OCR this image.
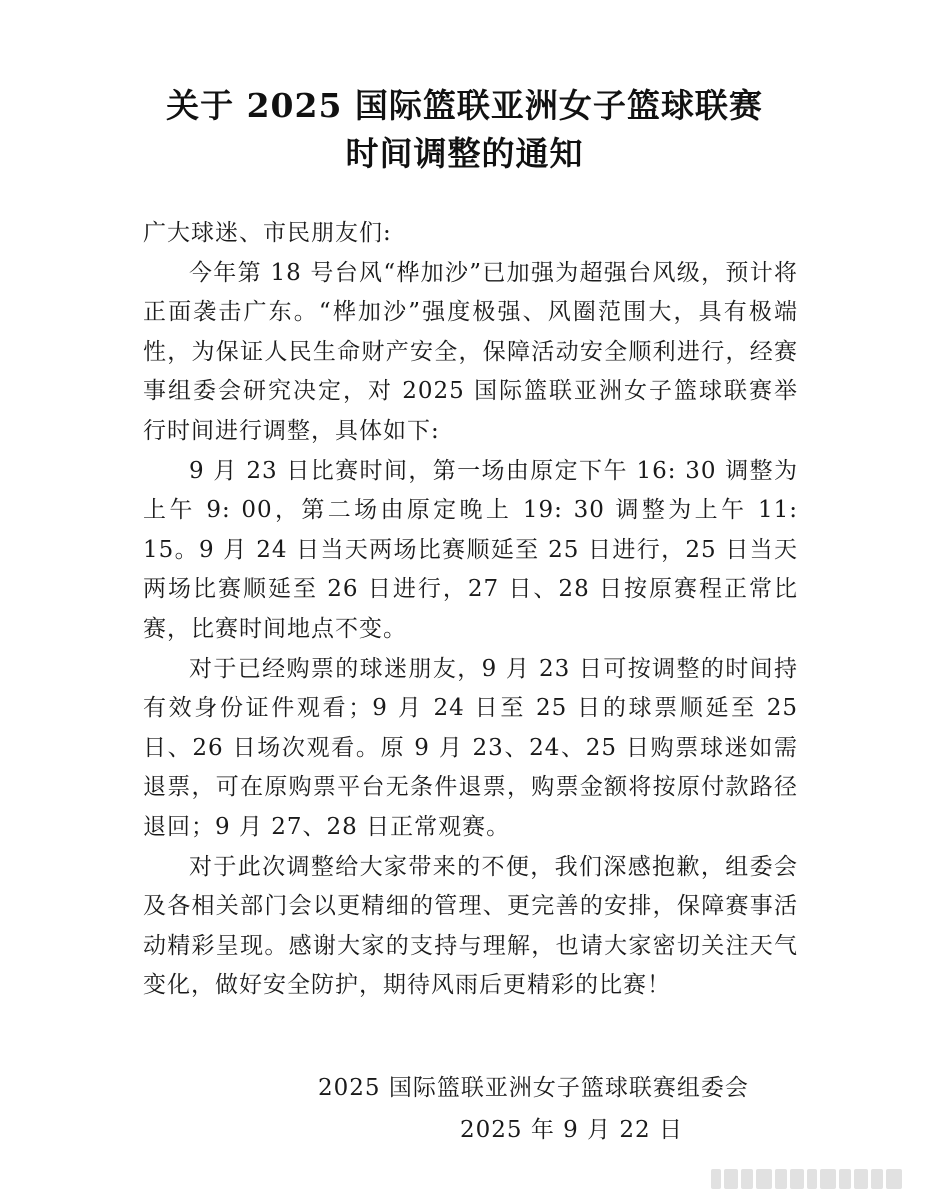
关于 2025 国际篮联亚洲女子篮球联赛
时间调整的通知

广大球迷、市民朋友们:

今年第 18 号台风“桦加沙”已加强为超强台风级，预计将正面袭击广东。“桦加沙”强度极强、风圈范围大，具有极端性，为保证人民生命财产安全，保障活动安全顺利进行，经赛事组委会研究决定，对 2025 国际篮联亚洲女子篮球联赛举行时间进行调整，具体如下:

9 月 23 日比赛时间，第一场由原定下午 16: 30 调整为上午 9: 00，第二场由原定晚上 19: 30 调整为上午 11: 15。9 月 24 日当天两场比赛顺延至 25 日进行，25 日当天两场比赛顺延至 26 日进行，27 日、28 日按原赛程正常比赛，比赛时间地点不变。

对于已经购票的球迷朋友，9 月 23 日可按调整的时间持有效身份证件观看；9 月 24 日至 25 日的球票顺延至 25 日、26 日场次观看。原 9 月 23、24、25 日购票球迷如需退票，可在原购票平台无条件退票，购票金额将按原付款路径退回；9 月 27、28 日正常观赛。

对于此次调整给大家带来的不便，我们深感抱歉，组委会及各相关部门会以更精细的管理、更完善的安排，保障赛事活动精彩呈现。感谢大家的支持与理解，也请大家密切关注天气变化，做好安全防护，期待风雨后更精彩的比赛！

2025 国际篮联亚洲女子篮球联赛组委会
2025 年 9 月 22 日
